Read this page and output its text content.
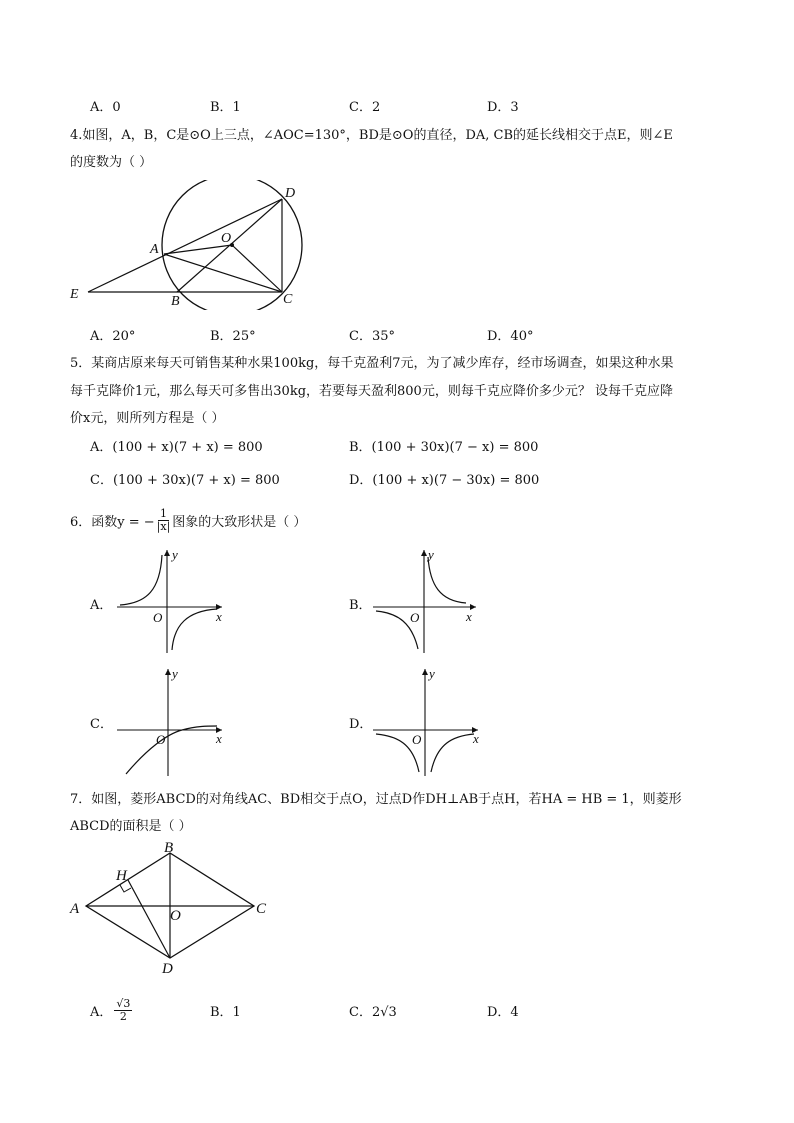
A．0	B．1	C．2	D．3
4.如图，A，B，C是⊙O上三点，∠AOC=130°，BD是⊙O的直径，DA, CB的延长线相交于点E，则∠E
的度数为（ ）
D
O
A
E	B	C
A．20°	B．25°	C．35°	D．40°
5．某商店原来每天可销售某种水果100kg，每千克盈利7元，为了减少库存，经市场调查，如果这种水果
每千克降价1元，那么每天可多售出30kg，若要每天盈利800元，则每千克应降价多少元？ 设每千克应降
价x元，则所列方程是（ ）
A．(100 + x)(7 + x) = 800	B．(100 + 30x)(7 − x) = 800
C．(100 + 30x)(7 + x) = 800	D．(100 + x)(7 − 30x) = 800
6．函数y = − $\frac{1}{|x|}$ 图象的大致形状是（ ）
A．
y
x
O
B．
y
x
O
C．
y
x
O
D．
y
x
O
7．如图，菱形ABCD的对角线AC、BD相交于点O，过点D作DH⊥AB于点H，若HA = HB = 1，则菱形
ABCD的面积是（ ）
B
H
A	C
O
D
A． $\frac{√3}{2}$	B．1	C．2√3	D．4
